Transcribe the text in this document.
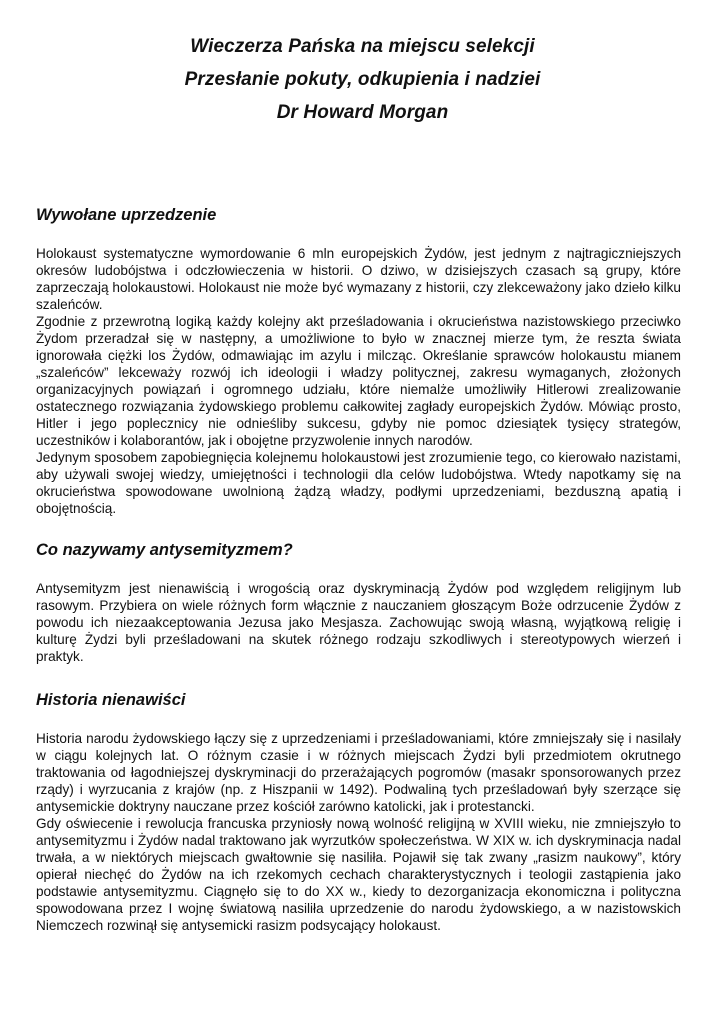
Wieczerza Pańska na miejscu selekcji

Przesłanie pokuty, odkupienia i nadziei

Dr Howard Morgan

Wywołane uprzedzenie

Holokaust systematyczne wymordowanie 6 mln europejskich Żydów, jest jednym z najtragiczniejszych okresów ludobójstwa i odczłowieczenia w historii. O dziwo, w dzisiejszych czasach są grupy, które zaprzeczają holokaustowi. Holokaust nie może być wymazany z historii, czy zlekceważony jako dzieło kilku szaleńców.

Zgodnie z przewrotną logiką każdy kolejny akt prześladowania i okrucieństwa nazistowskiego przeciwko Żydom przeradzał się w następny, a umożliwione to było w znacznej mierze tym, że reszta świata ignorowała ciężki los Żydów, odmawiając im azylu i milcząc. Określanie sprawców holokaustu mianem „szaleńców” lekceważy rozwój ich ideologii i władzy politycznej, zakresu wymaganych, złożonych organizacyjnych powiązań i ogromnego udziału, które niemalże umożliwiły Hitlerowi zrealizowanie ostatecznego rozwiązania żydowskiego problemu całkowitej zagłady europejskich Żydów. Mówiąc prosto, Hitler i jego poplecznicy nie odnieśliby sukcesu, gdyby nie pomoc dziesiątek tysięcy strategów, uczestników i kolaborantów, jak i obojętne przyzwolenie innych narodów.

Jedynym sposobem zapobiegnięcia kolejnemu holokaustowi jest zrozumienie tego, co kierowało nazistami, aby używali swojej wiedzy, umiejętności i technologii dla celów ludobójstwa. Wtedy napotkamy się na okrucieństwa spowodowane uwolnioną żądzą władzy, podłymi uprzedzeniami, bezduszną apatią i obojętnością.

Co nazywamy antysemityzmem?

Antysemityzm jest nienawiścią i wrogością oraz dyskryminacją Żydów pod względem religijnym lub rasowym. Przybiera on wiele różnych form włącznie z nauczaniem głoszącym Boże odrzucenie Żydów z powodu ich niezaakceptowania Jezusa jako Mesjasza. Zachowując swoją własną, wyjątkową religię i kulturę Żydzi byli prześladowani na skutek różnego rodzaju szkodliwych i stereotypowych wierzeń i praktyk.

Historia nienawiści

Historia narodu żydowskiego łączy się z uprzedzeniami i prześladowaniami, które zmniejszały się i nasilały w ciągu kolejnych lat. O różnym czasie i w różnych miejscach Żydzi byli przedmiotem okrutnego traktowania od łagodniejszej dyskryminacji do przerażających pogromów (masakr sponsorowanych przez rządy) i wyrzucania z krajów (np. z Hiszpanii w 1492). Podwaliną tych prześladowań były szerzące się antysemickie doktryny nauczane przez kościół zarówno katolicki, jak i protestancki.

Gdy oświecenie i rewolucja francuska przyniosły nową wolność religijną w XVIII wieku, nie zmniejszyło to antysemityzmu i Żydów nadal traktowano jak wyrzutków społeczeństwa. W XIX w. ich dyskryminacja nadal trwała, a w niektórych miejscach gwałtownie się nasiliła. Pojawił się tak zwany „rasizm naukowy”, który opierał niechęć do Żydów na ich rzekomych cechach charakterystycznych i teologii zastąpienia jako podstawie antysemityzmu. Ciągnęło się to do XX w., kiedy to dezorganizacja ekonomiczna i polityczna spowodowana przez I wojnę światową nasiliła uprzedzenie do narodu żydowskiego, a w nazistowskich Niemczech rozwinął się antysemicki rasizm podsycający holokaust.
